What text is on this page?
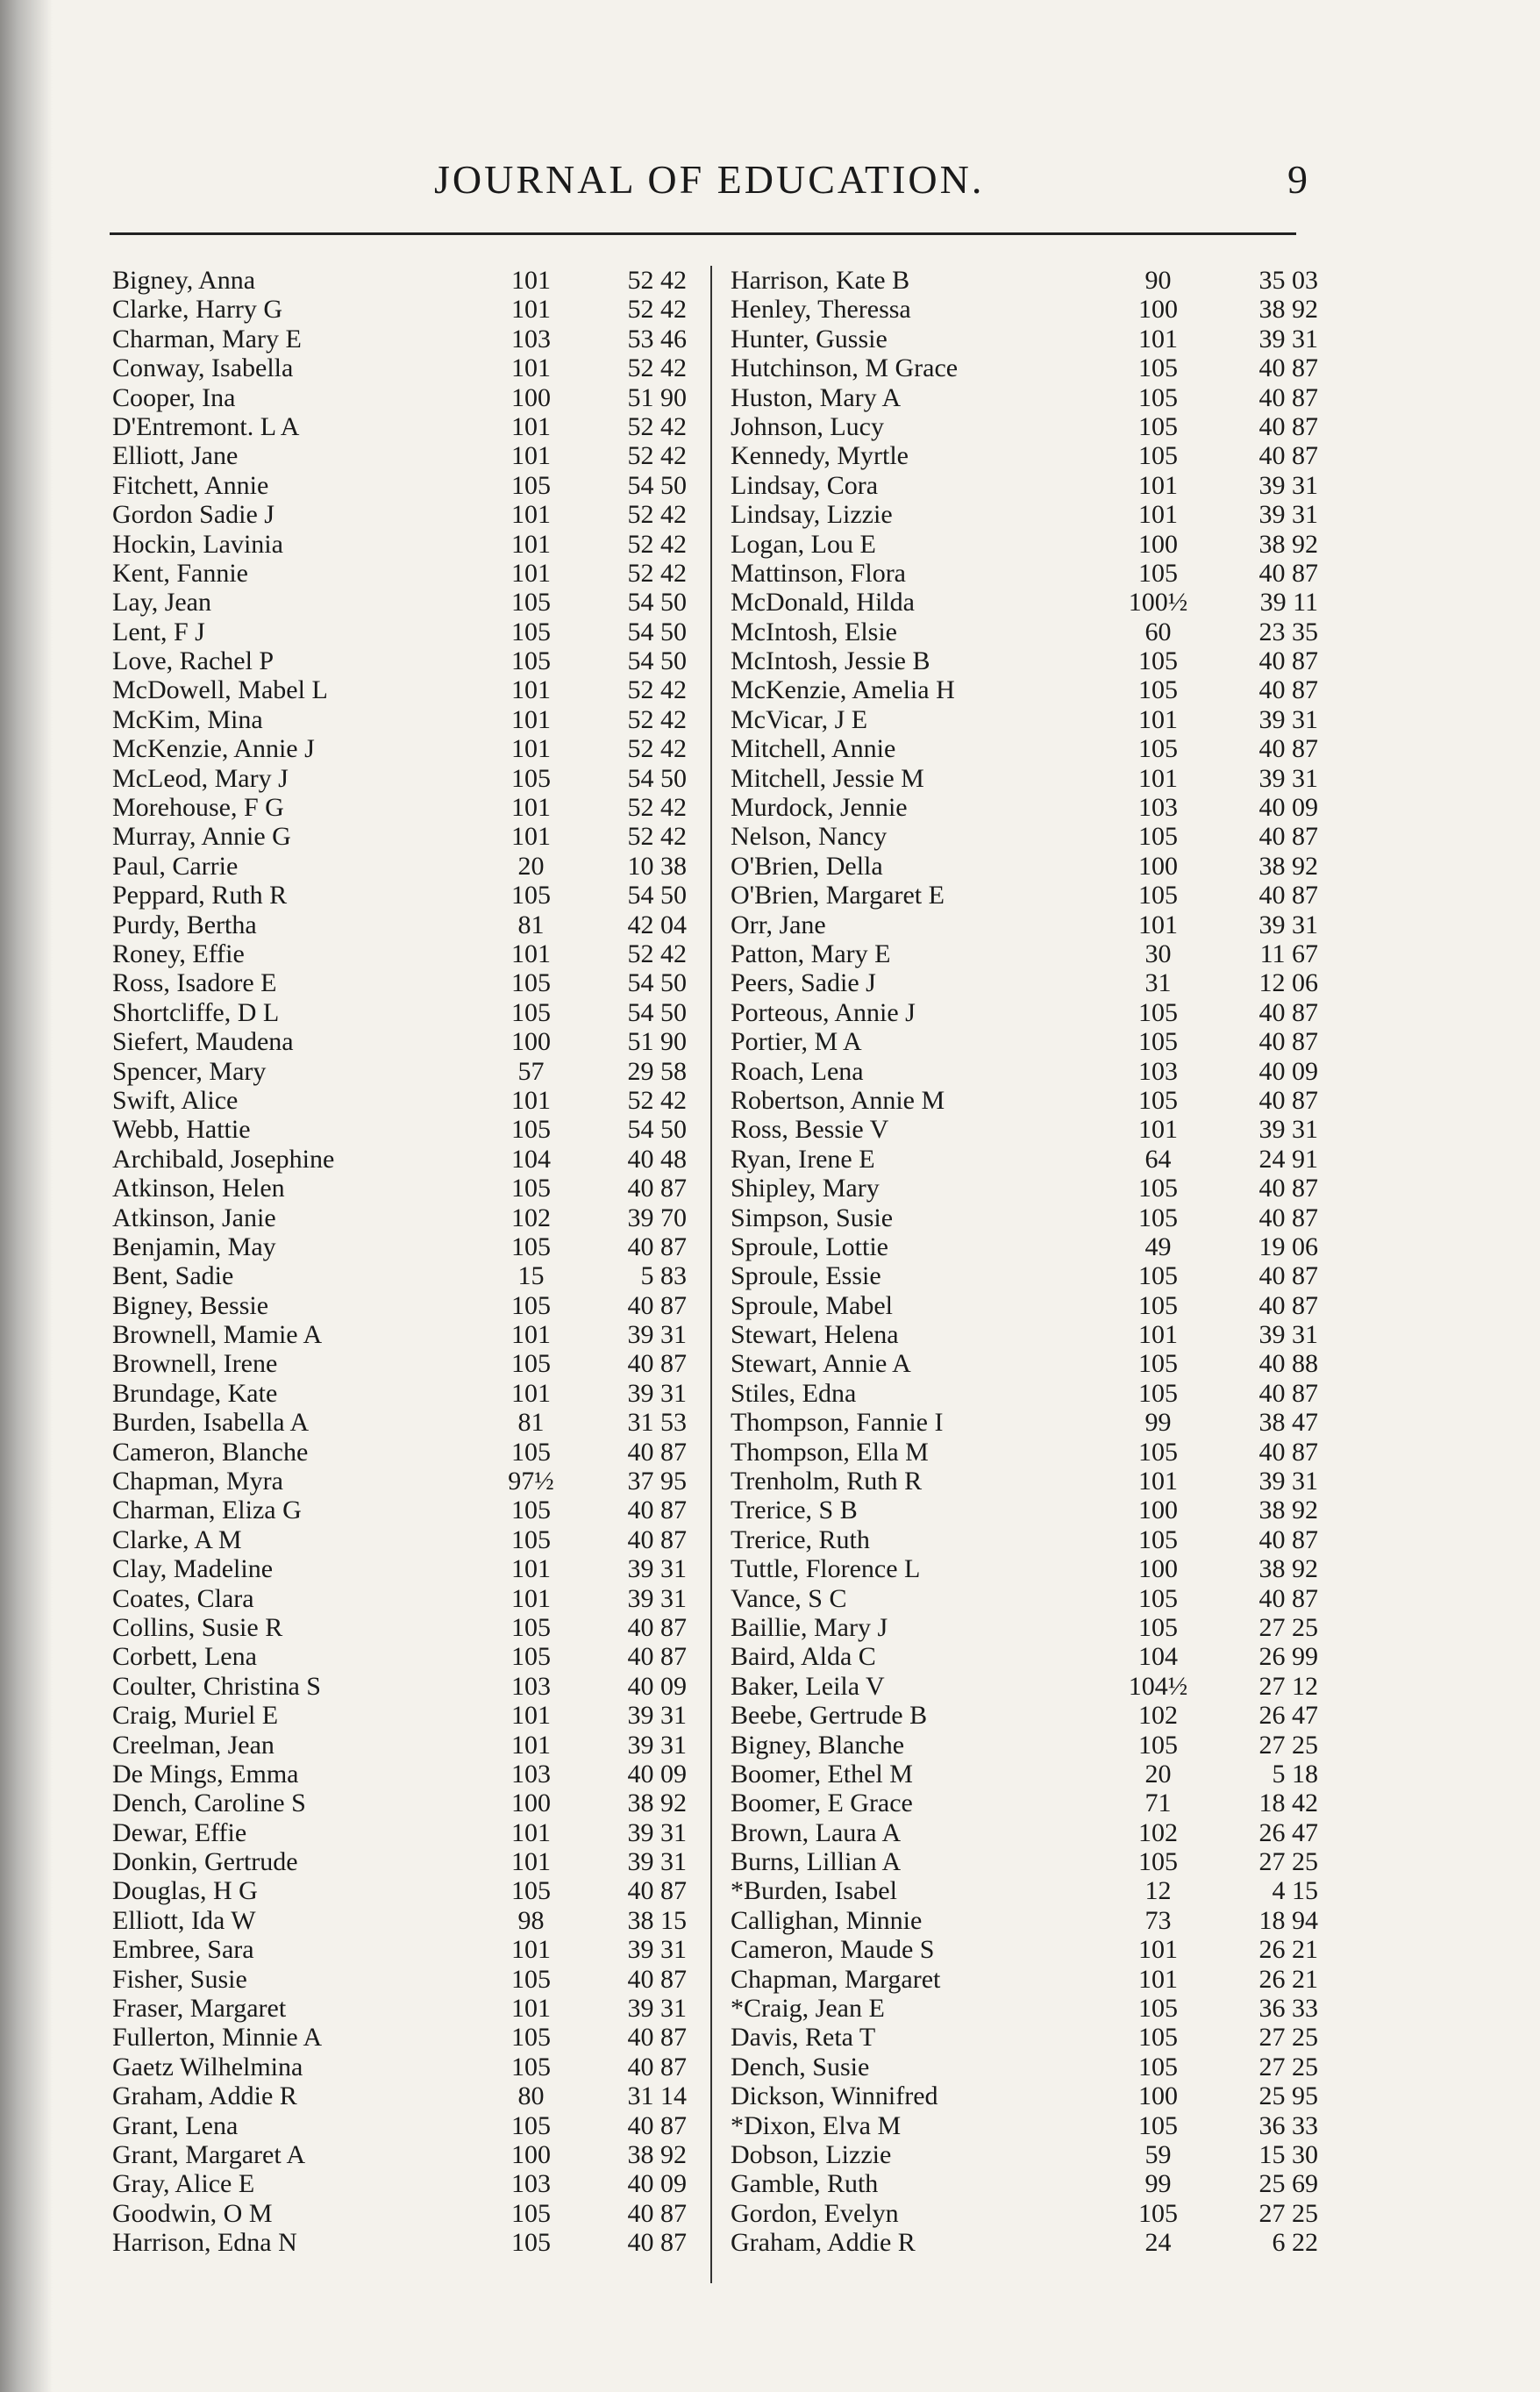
JOURNAL OF EDUCATION.	9
Bigney, Anna	101	52 42
Clarke, Harry G	101	52 42
Charman, Mary E	103	53 46
Conway, Isabella	101	52 42
Cooper, Ina	100	51 90
D'Entremont. L A	101	52 42
Elliott, Jane	101	52 42
Fitchett, Annie	105	54 50
Gordon Sadie J	101	52 42
Hockin, Lavinia	101	52 42
Kent, Fannie	101	52 42
Lay, Jean	105	54 50
Lent, F J	105	54 50
Love, Rachel P	105	54 50
McDowell, Mabel L	101	52 42
McKim, Mina	101	52 42
McKenzie, Annie J	101	52 42
McLeod, Mary J	105	54 50
Morehouse, F G	101	52 42
Murray, Annie G	101	52 42
Paul, Carrie	20	10 38
Peppard, Ruth R	105	54 50
Purdy, Bertha	81	42 04
Roney, Effie	101	52 42
Ross, Isadore E	105	54 50
Shortcliffe, D L	105	54 50
Siefert, Maudena	100	51 90
Spencer, Mary	57	29 58
Swift, Alice	101	52 42
Webb, Hattie	105	54 50
Archibald, Josephine	104	40 48
Atkinson, Helen	105	40 87
Atkinson, Janie	102	39 70
Benjamin, May	105	40 87
Bent, Sadie	15	5 83
Bigney, Bessie	105	40 87
Brownell, Mamie A	101	39 31
Brownell, Irene	105	40 87
Brundage, Kate	101	39 31
Burden, Isabella A	81	31 53
Cameron, Blanche	105	40 87
Chapman, Myra	97½	37 95
Charman, Eliza G	105	40 87
Clarke, A M	105	40 87
Clay, Madeline	101	39 31
Coates, Clara	101	39 31
Collins, Susie R	105	40 87
Corbett, Lena	105	40 87
Coulter, Christina S	103	40 09
Craig, Muriel E	101	39 31
Creelman, Jean	101	39 31
De Mings, Emma	103	40 09
Dench, Caroline S	100	38 92
Dewar, Effie	101	39 31
Donkin, Gertrude	101	39 31
Douglas, H G	105	40 87
Elliott, Ida W	98	38 15
Embree, Sara	101	39 31
Fisher, Susie	105	40 87
Fraser, Margaret	101	39 31
Fullerton, Minnie A	105	40 87
Gaetz Wilhelmina	105	40 87
Graham, Addie R	80	31 14
Grant, Lena	105	40 87
Grant, Margaret A	100	38 92
Gray, Alice E	103	40 09
Goodwin, O M	105	40 87
Harrison, Edna N	105	40 87
Harrison, Kate B	90	35 03
Henley, Theressa	100	38 92
Hunter, Gussie	101	39 31
Hutchinson, M Grace	105	40 87
Huston, Mary A	105	40 87
Johnson, Lucy	105	40 87
Kennedy, Myrtle	105	40 87
Lindsay, Cora	101	39 31
Lindsay, Lizzie	101	39 31
Logan, Lou E	100	38 92
Mattinson, Flora	105	40 87
McDonald, Hilda	100½	39 11
McIntosh, Elsie	60	23 35
McIntosh, Jessie B	105	40 87
McKenzie, Amelia H	105	40 87
McVicar, J E	101	39 31
Mitchell, Annie	105	40 87
Mitchell, Jessie M	101	39 31
Murdock, Jennie	103	40 09
Nelson, Nancy	105	40 87
O'Brien, Della	100	38 92
O'Brien, Margaret E	105	40 87
Orr, Jane	101	39 31
Patton, Mary E	30	11 67
Peers, Sadie J	31	12 06
Porteous, Annie J	105	40 87
Portier, M A	105	40 87
Roach, Lena	103	40 09
Robertson, Annie M	105	40 87
Ross, Bessie V	101	39 31
Ryan, Irene E	64	24 91
Shipley, Mary	105	40 87
Simpson, Susie	105	40 87
Sproule, Lottie	49	19 06
Sproule, Essie	105	40 87
Sproule, Mabel	105	40 87
Stewart, Helena	101	39 31
Stewart, Annie A	105	40 88
Stiles, Edna	105	40 87
Thompson, Fannie I	99	38 47
Thompson, Ella M	105	40 87
Trenholm, Ruth R	101	39 31
Trerice, S B	100	38 92
Trerice, Ruth	105	40 87
Tuttle, Florence L	100	38 92
Vance, S C	105	40 87
Baillie, Mary J	105	27 25
Baird, Alda C	104	26 99
Baker, Leila V	104½	27 12
Beebe, Gertrude B	102	26 47
Bigney, Blanche	105	27 25
Boomer, Ethel M	20	5 18
Boomer, E Grace	71	18 42
Brown, Laura A	102	26 47
Burns, Lillian A	105	27 25
*Burden, Isabel	12	4 15
Callighan, Minnie	73	18 94
Cameron, Maude S	101	26 21
Chapman, Margaret	101	26 21
*Craig, Jean E	105	36 33
Davis, Reta T	105	27 25
Dench, Susie	105	27 25
Dickson, Winnifred	100	25 95
*Dixon, Elva M	105	36 33
Dobson, Lizzie	59	15 30
Gamble, Ruth	99	25 69
Gordon, Evelyn	105	27 25
Graham, Addie R	24	6 22
